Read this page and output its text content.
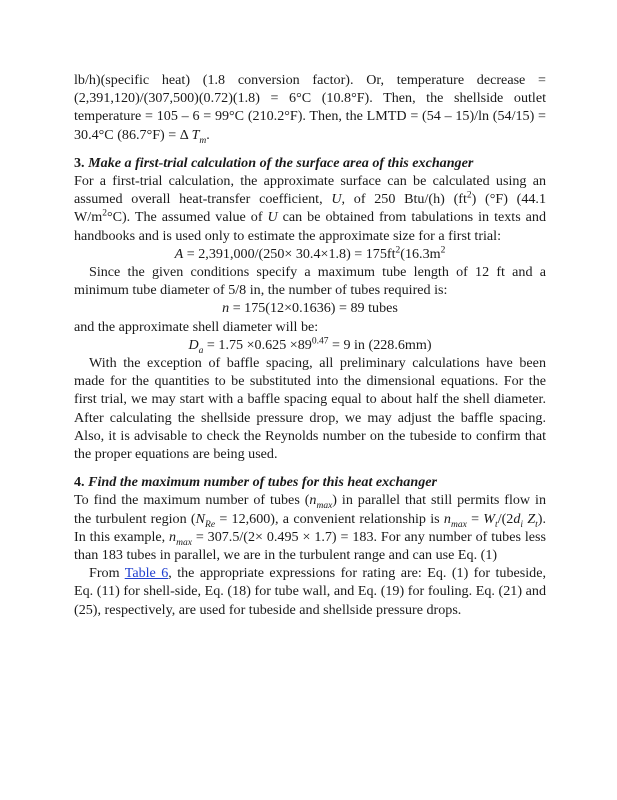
lb/h)(specific heat) (1.8 conversion factor). Or, temperature decrease = (2,391,120)/(307,500)(0.72)(1.8) = 6°C (10.8°F). Then, the shellside outlet temperature = 105 – 6 = 99°C (210.2°F). Then, the LMTD = (54 – 15)/ln (54/15) = 30.4°C (86.7°F) = Δ $T_m$.

3. Make a first-trial calculation of the surface area of this exchanger

For a first-trial calculation, the approximate surface can be calculated using an assumed overall heat-transfer coefficient, U, of 250 Btu/(h) $(ft^2)$ (°F) (44.1 $W/m^2^\circ C$). The assumed value of U can be obtained from tabulations in texts and handbooks and is used only to estimate the approximate size for a first trial:

$A = 2,391,000/(250\times 30.4\times 1.8) = 175ft^2(16.3m^2$

Since the given conditions specify a maximum tube length of 12 ft and a minimum tube diameter of 5/8 in, the number of tubes required is:

n = 175(12×0.1636) = 89 tubes

and the approximate shell diameter will be:

$D_a = 1.75 \times 0.625 \times 89^{0.47} = 9$ in (228.6mm)

With the exception of baffle spacing, all preliminary calculations have been made for the quantities to be substituted into the dimensional equations. For the first trial, we may start with a baffle spacing equal to about half the shell diameter. After calculating the shellside pressure drop, we may adjust the baffle spacing. Also, it is advisable to check the Reynolds number on the tubeside to confirm that the proper equations are being used.

4. Find the maximum number of tubes for this heat exchanger

To find the maximum number of tubes $(n_{max})$ in parallel that still permits flow in the turbulent region $(N_{Re} = 12,600)$, a convenient relationship is $n_{max} = W_t/(2d_i$ $Z_t$). In this example, $n_{max} = 307.5/(2\times 0.495 \times 1.7) = 183$. For any number of tubes less than 183 tubes in parallel, we are in the turbulent range and can use Eq. (1)

From Table 6, the appropriate expressions for rating are: Eq. (1) for tubeside, Eq. (11) for shell-side, Eq. (18) for tube wall, and Eq. (19) for fouling. Eq. (21) and (25), respectively, are used for tubeside and shellside pressure drops.
